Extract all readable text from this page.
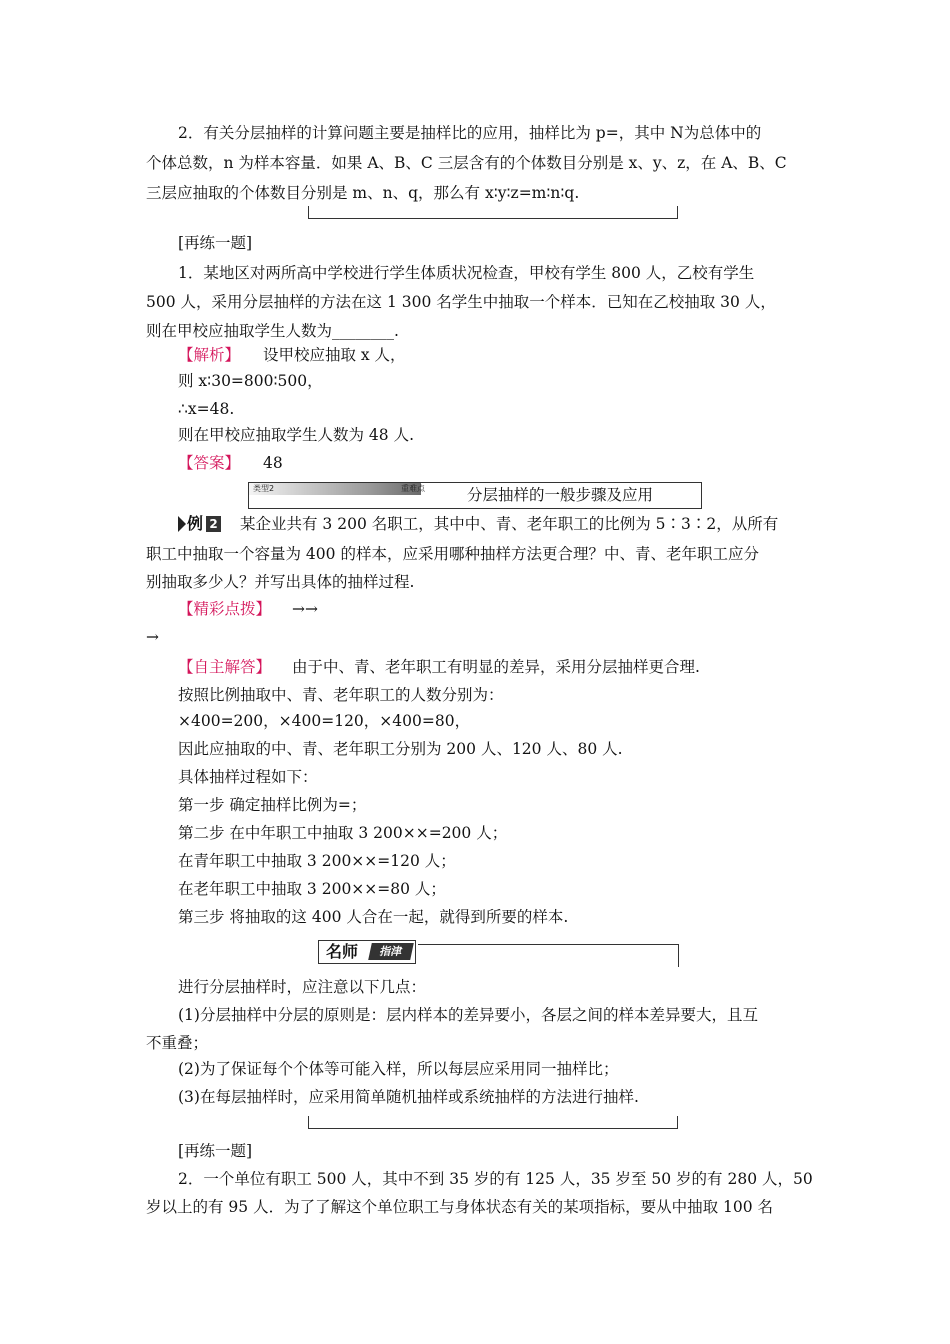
2．有关分层抽样的计算问题主要是抽样比的应用，抽样比为 p=，其中 N为总体中的
个体总数，n 为样本容量．如果 A、B、C 三层含有的个体数目分别是 x、y、z，在 A、B、C
三层应抽取的个体数目分别是 m、n、q，那么有 x∶y∶z=m∶n∶q.
[再练一题]
1．某地区对两所高中学校进行学生体质状况检查，甲校有学生 800 人，乙校有学生
500 人，采用分层抽样的方法在这 1 300 名学生中抽取一个样本．已知在乙校抽取 30 人，
则在甲校应抽取学生人数为________.
【解析】 设甲校应抽取 x 人，
则 x∶30=800∶500，
∴x=48.
则在甲校应抽取学生人数为 48 人.
【答案】 48
类型2	重难点	分层抽样的一般步骤及应用
例 2 某企业共有 3 200 名职工，其中中、青、老年职工的比例为 5∶3∶2，从所有
职工中抽取一个容量为 400 的样本，应采用哪种抽样方法更合理？中、青、老年职工应分
别抽取多少人？并写出具体的抽样过程.
【精彩点拨】 →→
→
【自主解答】 由于中、青、老年职工有明显的差异，采用分层抽样更合理.
按照比例抽取中、青、老年职工的人数分别为：
×400=200，×400=120，×400=80，
因此应抽取的中、青、老年职工分别为 200 人、120 人、80 人.
具体抽样过程如下：
第一步 确定抽样比例为=；
第二步 在中年职工中抽取 3 200××=200 人；
在青年职工中抽取 3 200××=120 人；
在老年职工中抽取 3 200××=80 人；
第三步 将抽取的这 400 人合在一起，就得到所要的样本.
名师	指津
进行分层抽样时，应注意以下几点：
(1)分层抽样中分层的原则是：层内样本的差异要小，各层之间的样本差异要大，且互
不重叠；
(2)为了保证每个个体等可能入样，所以每层应采用同一抽样比；
(3)在每层抽样时，应采用简单随机抽样或系统抽样的方法进行抽样.
[再练一题]
2．一个单位有职工 500 人，其中不到 35 岁的有 125 人，35 岁至 50 岁的有 280 人，50
岁以上的有 95 人．为了了解这个单位职工与身体状态有关的某项指标，要从中抽取 100 名
